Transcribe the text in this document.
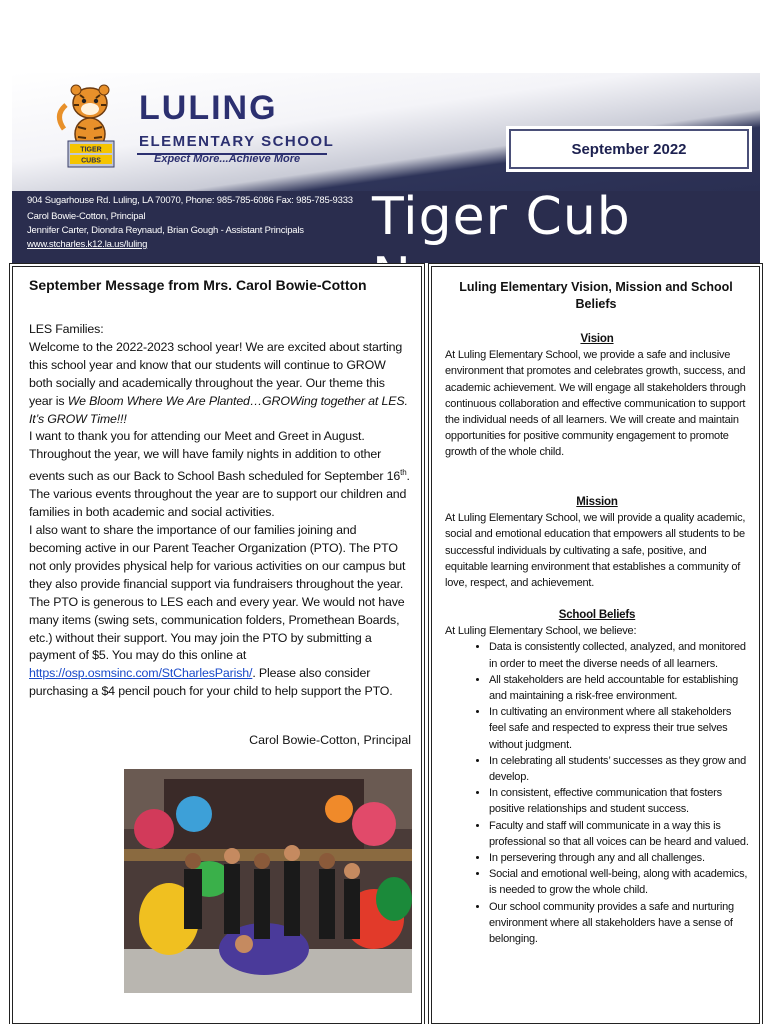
TIGER
CUBS
LULING
ELEMENTARY SCHOOL
Expect More...Achieve More
September 2022
904 Sugarhouse Rd. Luling, LA 70070, Phone: 985-785-6086 Fax: 985-785-9333
Carol Bowie-Cotton, Principal
Jennifer Carter, Diondra Reynaud, Brian Gough - Assistant Principals
www.stcharles.k12.la.us/luling	Tiger Cub News
September Message from Mrs. Carol Bowie-Cotton

LES Families:

Welcome to the 2022-2023 school year! We are excited about starting this school year and know that our students will continue to GROW both socially and academically throughout the year. Our theme this year is We Bloom Where We Are Planted…GROWing together at LES. It’s GROW Time!!!

I want to thank you for attending our Meet and Greet in August. Throughout the year, we will have family nights in addition to other events such as our Back to School Bash scheduled for September 16th. The various events throughout the year are to support our children and families in both academic and social activities.

I also want to share the importance of our families joining and becoming active in our Parent Teacher Organization (PTO). The PTO not only provides physical help for various activities on our campus but they also provide financial support via fundraisers throughout the year. The PTO is generous to LES each and every year. We would not have many items (swing sets, communication folders, Promethean Boards, etc.) without their support. You may join the PTO by submitting a payment of $5. You may do this online at https://osp.osmsinc.com/StCharlesParish/. Please also consider purchasing a $4 pencil pouch for your child to help support the PTO.

Carol Bowie-Cotton, Principal
Luling Elementary Vision, Mission and School Beliefs
Vision

At Luling Elementary School, we provide a safe and inclusive environment that promotes and celebrates growth, success, and academic achievement. We will engage all stakeholders through continuous collaboration and effective communication to support the individual needs of all learners. We will create and maintain opportunities for positive community engagement to promote growth of the whole child.

Mission

At Luling Elementary School, we will provide a quality academic, social and emotional education that empowers all students to be successful individuals by cultivating a safe, positive, and equitable learning environment that establishes a community of love, respect, and achievement.

School Beliefs

At Luling Elementary School, we believe:

• Data is consistently collected, analyzed, and monitored in order to meet the diverse needs of all learners.
• All stakeholders are held accountable for establishing and maintaining a risk-free environment.
• In cultivating an environment where all stakeholders feel safe and respected to express their true selves without judgment.
• In celebrating all students’ successes as they grow and develop.
• In consistent, effective communication that fosters positive relationships and student success.
• Faculty and staff will communicate in a way this is professional so that all voices can be heard and valued.
• In persevering through any and all challenges.
• Social and emotional well-being, along with academics, is needed to grow the whole child.
• Our school community provides a safe and nurturing environment where all stakeholders have a sense of belonging.
